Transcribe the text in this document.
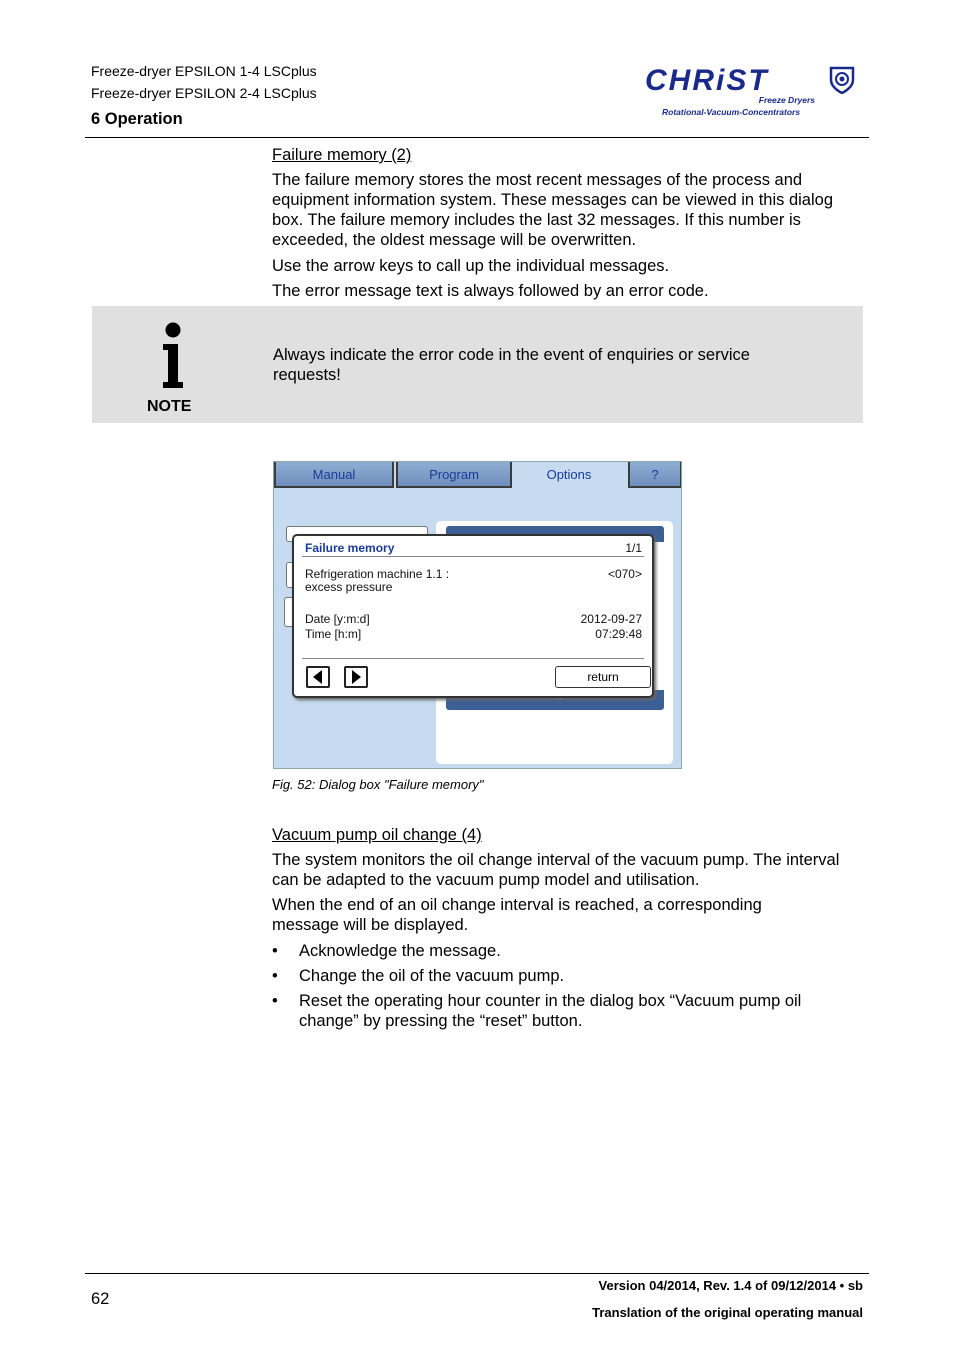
Freeze-dryer EPSILON 1-4 LSCplus
Freeze-dryer EPSILON 2-4 LSCplus
6 Operation
CHRiST
Freeze Dryers
Rotational-Vacuum-Concentrators
Failure memory (2)
The failure memory stores the most recent messages of the process and equipment information system. These messages can be viewed in this dialog box. The failure memory includes the last 32 messages. If this number is exceeded, the oldest message will be overwritten.
Use the arrow keys to call up the individual messages.
The error message text is always followed by an error code.
NOTE
Always indicate the error code in the event of enquiries or service requests!
Manual	Program	Options	?
Failure memory	1/1
Refrigeration machine 1.1 :
excess pressure
<070>
Date [y:m:d]	2012-09-27
Time [h:m]	07:29:48
return
Fig. 52: Dialog box "Failure memory"
Vacuum pump oil change (4)
The system monitors the oil change interval of the vacuum pump. The interval can be adapted to the vacuum pump model and utilisation.
When the end of an oil change interval is reached, a corresponding message will be displayed.
• Acknowledge the message.
• Change the oil of the vacuum pump.
• Reset the operating hour counter in the dialog box “Vacuum pump oil change” by pressing the “reset” button.
62
Version 04/2014, Rev. 1.4 of 09/12/2014 • sb
Translation of the original operating manual
